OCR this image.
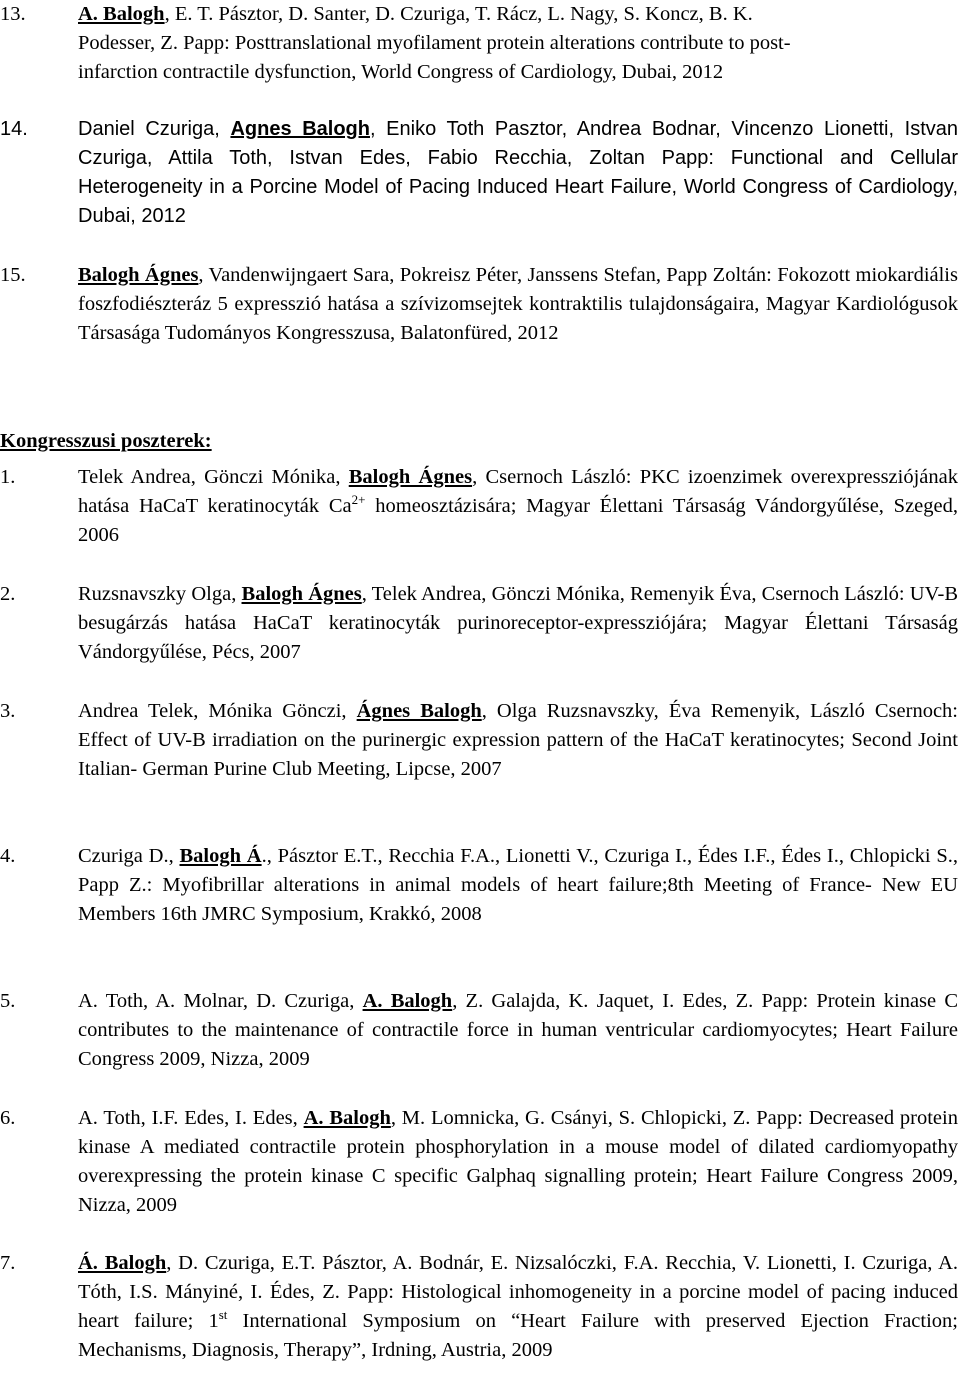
13.	A. Balogh, E. T. Pásztor, D. Santer, D. Czuriga, T. Rácz, L. Nagy, S. Koncz, B. K.
Podesser, Z. Papp: Posttranslational myofilament protein alterations contribute to post-
infarction contractile dysfunction, World Congress of Cardiology, Dubai, 2012
14.	Daniel Czuriga, Agnes Balogh, Eniko Toth Pasztor, Andrea Bodnar, Vincenzo Lionetti, Istvan Czuriga, Attila Toth, Istvan Edes, Fabio Recchia, Zoltan Papp: Functional and Cellular Heterogeneity in a Porcine Model of Pacing Induced Heart Failure, World Congress of Cardiology, Dubai, 2012
15.	Balogh Ágnes, Vandenwijngaert Sara, Pokreisz Péter, Janssens Stefan, Papp Zoltán: Fokozott miokardiális foszfodiészteráz 5 expresszió hatása a szívizomsejtek kontraktilis tulajdonságaira, Magyar Kardiológusok Társasága Tudományos Kongresszusa, Balatonfüred, 2012
Kongresszusi poszterek:
1.	Telek Andrea, Gönczi Mónika, Balogh Ágnes, Csernoch László: PKC izoenzimek overexpressziójának hatása HaCaT keratinocyták $Ca^{2+}$ homeosztázisára; Magyar Élettani Társaság Vándorgyűlése, Szeged, 2006
2.	Ruzsnavszky Olga, Balogh Ágnes, Telek Andrea, Gönczi Mónika, Remenyik Éva, Csernoch László: UV-B besugárzás hatása HaCaT keratinocyták purinoreceptor-expressziójára; Magyar Élettani Társaság Vándorgyűlése, Pécs, 2007
3.	Andrea Telek, Mónika Gönczi, Ágnes Balogh, Olga Ruzsnavszky, Éva Remenyik, László Csernoch: Effect of UV-B irradiation on the purinergic expression pattern of the HaCaT keratinocytes; Second Joint Italian- German Purine Club Meeting, Lipcse, 2007
4.	Czuriga D., Balogh Á., Pásztor E.T., Recchia F.A., Lionetti V., Czuriga I., Édes I.F., Édes I., Chlopicki S., Papp Z.: Myofibrillar alterations in animal models of heart failure;8th Meeting of France- New EU Members 16th JMRC Symposium, Krakkó, 2008
5.	A. Toth, A. Molnar, D. Czuriga, A. Balogh, Z. Galajda, K. Jaquet, I. Edes, Z. Papp: Protein kinase C contributes to the maintenance of contractile force in human ventricular cardiomyocytes; Heart Failure Congress 2009, Nizza, 2009
6.	A. Toth, I.F. Edes, I. Edes, A. Balogh, M. Lomnicka, G. Csányi, S. Chlopicki, Z. Papp: Decreased protein kinase A mediated contractile protein phosphorylation in a mouse model of dilated cardiomyopathy overexpressing the protein kinase C specific Galphaq signalling protein; Heart Failure Congress 2009, Nizza, 2009
7.	Á. Balogh, D. Czuriga, E.T. Pásztor, A. Bodnár, E. Nizsalóczki, F.A. Recchia, V. Lionetti, I. Czuriga, A. Tóth, I.S. Mányiné, I. Édes, Z. Papp: Histological inhomogeneity in a porcine model of pacing induced heart failure; 1st International Symposium on “Heart Failure with preserved Ejection Fraction; Mechanisms, Diagnosis, Therapy”, Irdning, Austria, 2009
